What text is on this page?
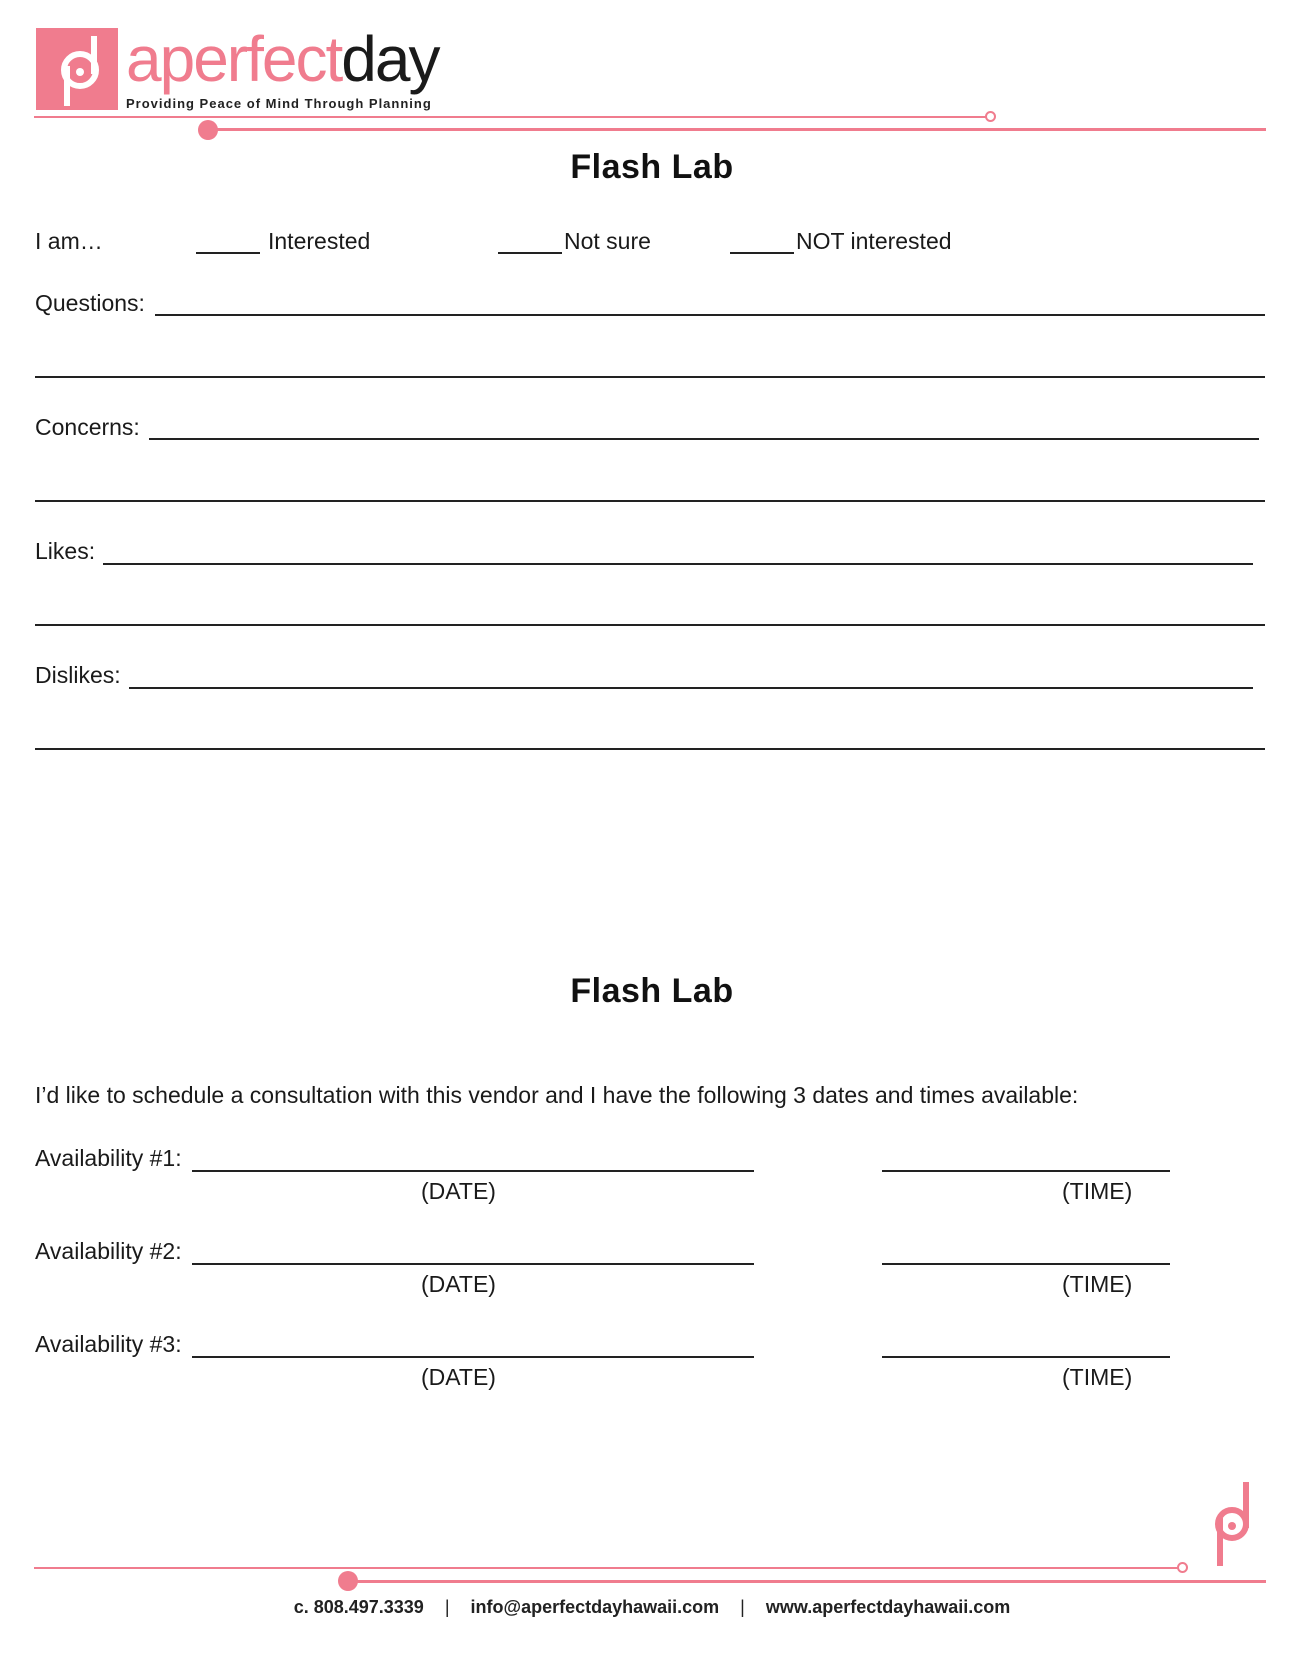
aperfectday
Providing Peace of Mind Through Planning
Flash Lab
I am…	Interested	Not sure	NOT interested
Questions:
Concerns:
Likes:
Dislikes:
Flash Lab
I’d like to schedule a consultation with this vendor and I have the following 3 dates and times available:
Availability #1:
(DATE)	(TIME)
Availability #2:
(DATE)	(TIME)
Availability #3:
(DATE)	(TIME)
c. 808.497.3339 | info@aperfectdayhawaii.com | www.aperfectdayhawaii.com
